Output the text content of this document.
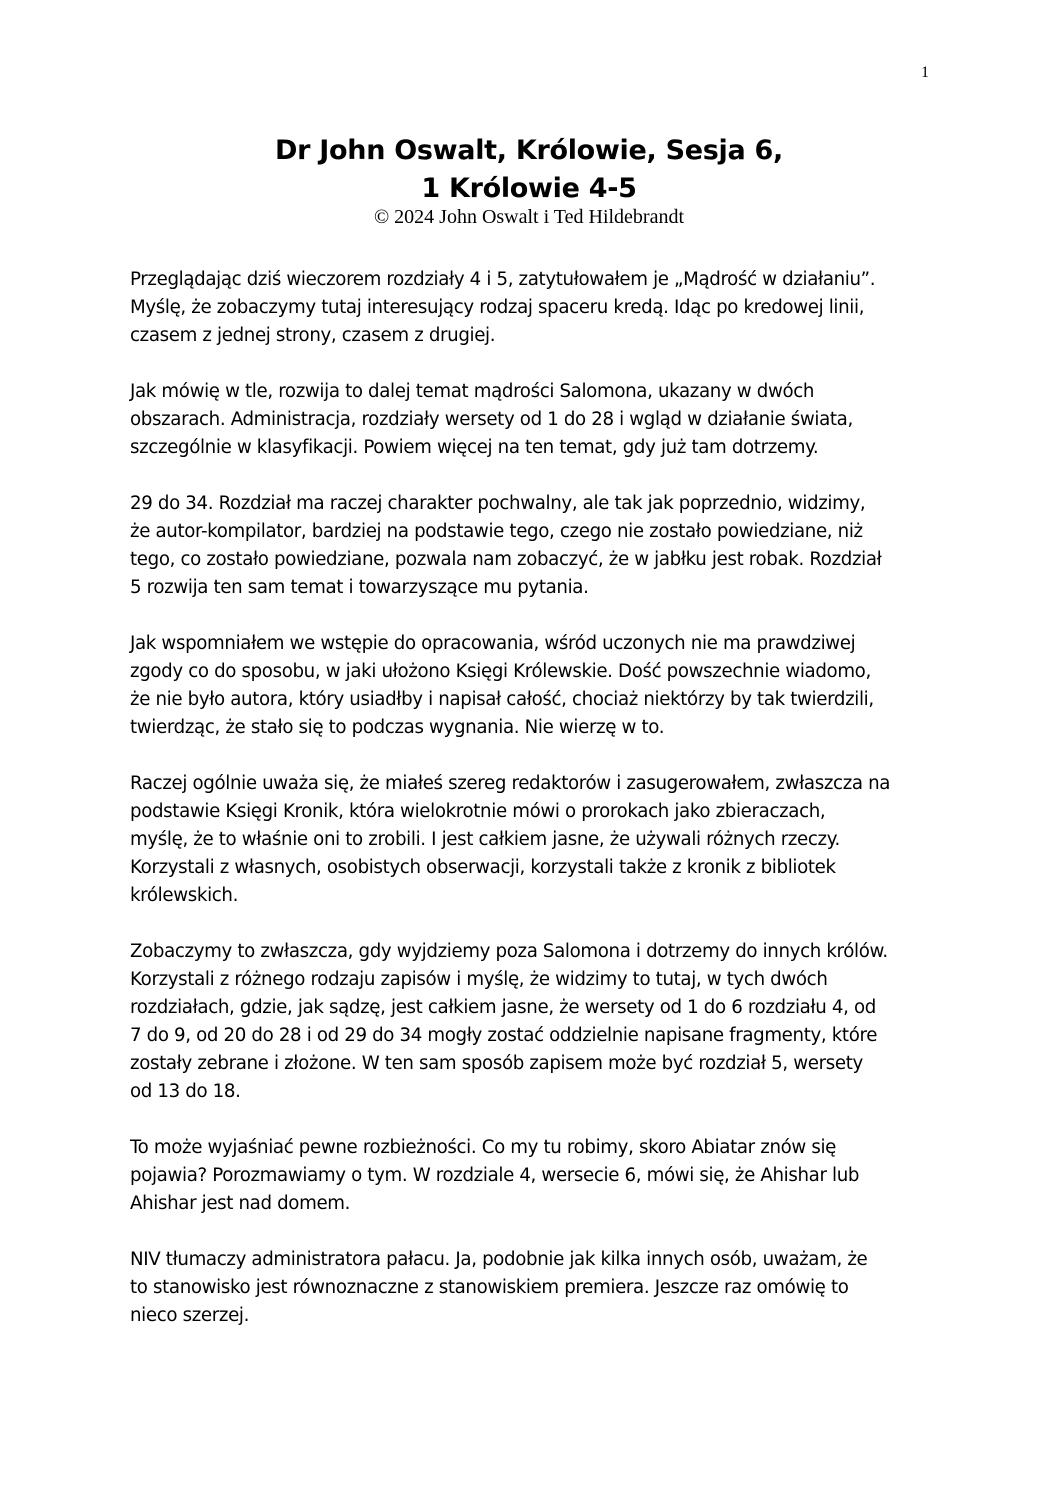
1
Dr John Oswalt, Królowie, Sesja 6,
1 Królowie 4-5
© 2024 John Oswalt i Ted Hildebrandt

Przeglądając dziś wieczorem rozdziały 4 i 5, zatytułowałem je „Mądrość w działaniu”.
Myślę, że zobaczymy tutaj interesujący rodzaj spaceru kredą. Idąc po kredowej linii,
czasem z jednej strony, czasem z drugiej.

Jak mówię w tle, rozwija to dalej temat mądrości Salomona, ukazany w dwóch
obszarach. Administracja, rozdziały wersety od 1 do 28 i wgląd w działanie świata,
szczególnie w klasyfikacji. Powiem więcej na ten temat, gdy już tam dotrzemy.

29 do 34. Rozdział ma raczej charakter pochwalny, ale tak jak poprzednio, widzimy,
że autor-kompilator, bardziej na podstawie tego, czego nie zostało powiedziane, niż
tego, co zostało powiedziane, pozwala nam zobaczyć, że w jabłku jest robak. Rozdział
5 rozwija ten sam temat i towarzyszące mu pytania.

Jak wspomniałem we wstępie do opracowania, wśród uczonych nie ma prawdziwej
zgody co do sposobu, w jaki ułożono Księgi Królewskie. Dość powszechnie wiadomo,
że nie było autora, który usiadłby i napisał całość, chociaż niektórzy by tak twierdzili,
twierdząc, że stało się to podczas wygnania. Nie wierzę w to.

Raczej ogólnie uważa się, że miałeś szereg redaktorów i zasugerowałem, zwłaszcza na
podstawie Księgi Kronik, która wielokrotnie mówi o prorokach jako zbieraczach,
myślę, że to właśnie oni to zrobili. I jest całkiem jasne, że używali różnych rzeczy.
Korzystali z własnych, osobistych obserwacji, korzystali także z kronik z bibliotek
królewskich.

Zobaczymy to zwłaszcza, gdy wyjdziemy poza Salomona i dotrzemy do innych królów.
Korzystali z różnego rodzaju zapisów i myślę, że widzimy to tutaj, w tych dwóch
rozdziałach, gdzie, jak sądzę, jest całkiem jasne, że wersety od 1 do 6 rozdziału 4, od
7 do 9, od 20 do 28 i od 29 do 34 mogły zostać oddzielnie napisane fragmenty, które
zostały zebrane i złożone. W ten sam sposób zapisem może być rozdział 5, wersety
od 13 do 18.

To może wyjaśniać pewne rozbieżności. Co my tu robimy, skoro Abiatar znów się
pojawia? Porozmawiamy o tym. W rozdziale 4, wersecie 6, mówi się, że Ahishar lub
Ahishar jest nad domem.

NIV tłumaczy administratora pałacu. Ja, podobnie jak kilka innych osób, uważam, że
to stanowisko jest równoznaczne z stanowiskiem premiera. Jeszcze raz omówię to
nieco szerzej.
